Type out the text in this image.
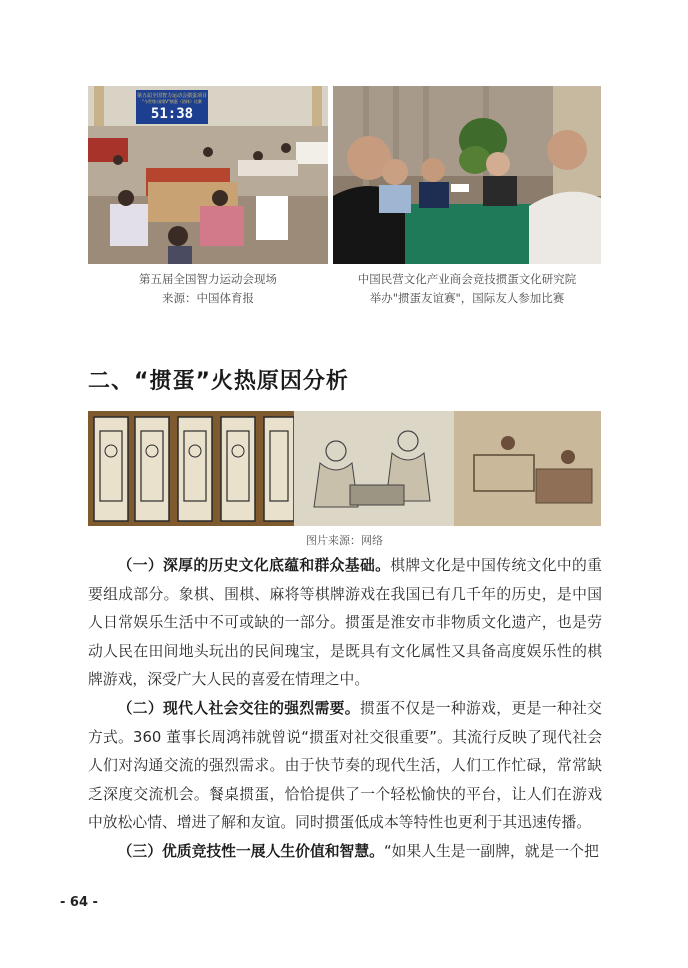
第五届全国智力运动会掼蛋项目
"今世缘·国缘V"掼蛋（团体）比赛
51:38
第五届全国智力运动会现场
来源：中国体育报
中国民营文化产业商会竞技掼蛋文化研究院
举办"掼蛋友谊赛"，国际友人参加比赛
二、“掼蛋”火热原因分析
图片来源：网络

（一）深厚的历史文化底蕴和群众基础。棋牌文化是中国传统文化中的重要组成部分。象棋、围棋、麻将等棋牌游戏在我国已有几千年的历史，是中国人日常娱乐生活中不可或缺的一部分。掼蛋是淮安市非物质文化遗产，也是劳动人民在田间地头玩出的民间瑰宝，是既具有文化属性又具备高度娱乐性的棋牌游戏，深受广大人民的喜爱在情理之中。

（二）现代人社会交往的强烈需要。掼蛋不仅是一种游戏，更是一种社交方式。360 董事长周鸿祎就曾说“掼蛋对社交很重要”。其流行反映了现代社会人们对沟通交流的强烈需求。由于快节奏的现代生活，人们工作忙碌，常常缺乏深度交流机会。餐桌掼蛋，恰恰提供了一个轻松愉快的平台，让人们在游戏中放松心情、增进了解和友谊。同时掼蛋低成本等特性也更利于其迅速传播。

（三）优质竞技性一展人生价值和智慧。“如果人生是一副牌，就是一个把

- 64 -
